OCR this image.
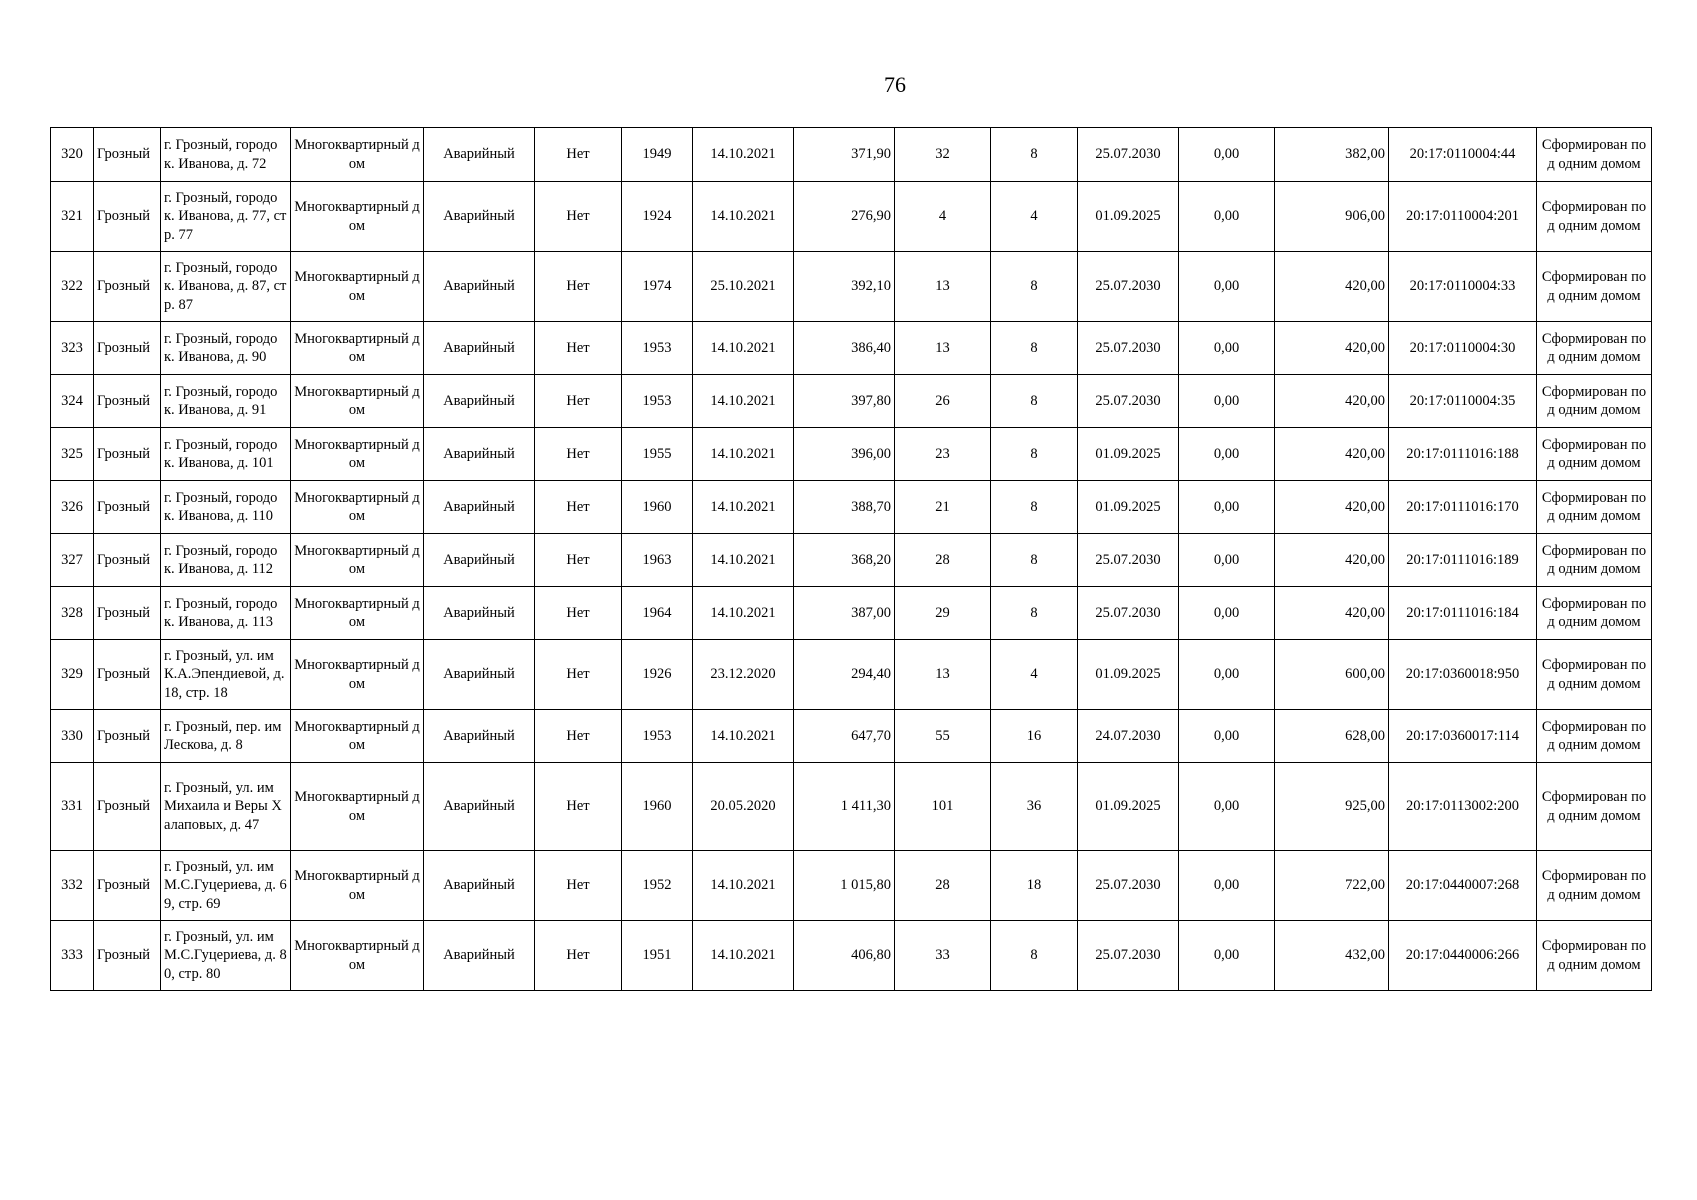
76
320	Грозный	г. Грозный, городок. Иванова, д. 72	Многоквартирный дом	Аварийный	Нет	1949	14.10.2021	371,90	32	8	25.07.2030	0,00	382,00	20:17:0110004:44	Сформирован под одним домом
321	Грозный	г. Грозный, городок. Иванова, д. 77, стр. 77	Многоквартирный дом	Аварийный	Нет	1924	14.10.2021	276,90	4	4	01.09.2025	0,00	906,00	20:17:0110004:201	Сформирован под одним домом
322	Грозный	г. Грозный, городок. Иванова, д. 87, стр. 87	Многоквартирный дом	Аварийный	Нет	1974	25.10.2021	392,10	13	8	25.07.2030	0,00	420,00	20:17:0110004:33	Сформирован под одним домом
323	Грозный	г. Грозный, городок. Иванова, д. 90	Многоквартирный дом	Аварийный	Нет	1953	14.10.2021	386,40	13	8	25.07.2030	0,00	420,00	20:17:0110004:30	Сформирован под одним домом
324	Грозный	г. Грозный, городок. Иванова, д. 91	Многоквартирный дом	Аварийный	Нет	1953	14.10.2021	397,80	26	8	25.07.2030	0,00	420,00	20:17:0110004:35	Сформирован под одним домом
325	Грозный	г. Грозный, городок. Иванова, д. 101	Многоквартирный дом	Аварийный	Нет	1955	14.10.2021	396,00	23	8	01.09.2025	0,00	420,00	20:17:0111016:188	Сформирован под одним домом
326	Грозный	г. Грозный, городок. Иванова, д. 110	Многоквартирный дом	Аварийный	Нет	1960	14.10.2021	388,70	21	8	01.09.2025	0,00	420,00	20:17:0111016:170	Сформирован под одним домом
327	Грозный	г. Грозный, городок. Иванова, д. 112	Многоквартирный дом	Аварийный	Нет	1963	14.10.2021	368,20	28	8	25.07.2030	0,00	420,00	20:17:0111016:189	Сформирован под одним домом
328	Грозный	г. Грозный, городок. Иванова, д. 113	Многоквартирный дом	Аварийный	Нет	1964	14.10.2021	387,00	29	8	25.07.2030	0,00	420,00	20:17:0111016:184	Сформирован под одним домом
329	Грозный	г. Грозный, ул. им К.А.Эпендиевой, д. 18, стр. 18	Многоквартирный дом	Аварийный	Нет	1926	23.12.2020	294,40	13	4	01.09.2025	0,00	600,00	20:17:0360018:950	Сформирован под одним домом
330	Грозный	г. Грозный, пер. им Лескова, д. 8	Многоквартирный дом	Аварийный	Нет	1953	14.10.2021	647,70	55	16	24.07.2030	0,00	628,00	20:17:0360017:114	Сформирован под одним домом
331	Грозный	г. Грозный, ул. им Михаила и Веры Халаповых, д. 47	Многоквартирный дом	Аварийный	Нет	1960	20.05.2020	1 411,30	101	36	01.09.2025	0,00	925,00	20:17:0113002:200	Сформирован под одним домом
332	Грозный	г. Грозный, ул. им М.С.Гуцериева, д. 69, стр. 69	Многоквартирный дом	Аварийный	Нет	1952	14.10.2021	1 015,80	28	18	25.07.2030	0,00	722,00	20:17:0440007:268	Сформирован под одним домом
333	Грозный	г. Грозный, ул. им М.С.Гуцериева, д. 80, стр. 80	Многоквартирный дом	Аварийный	Нет	1951	14.10.2021	406,80	33	8	25.07.2030	0,00	432,00	20:17:0440006:266	Сформирован под одним домом
